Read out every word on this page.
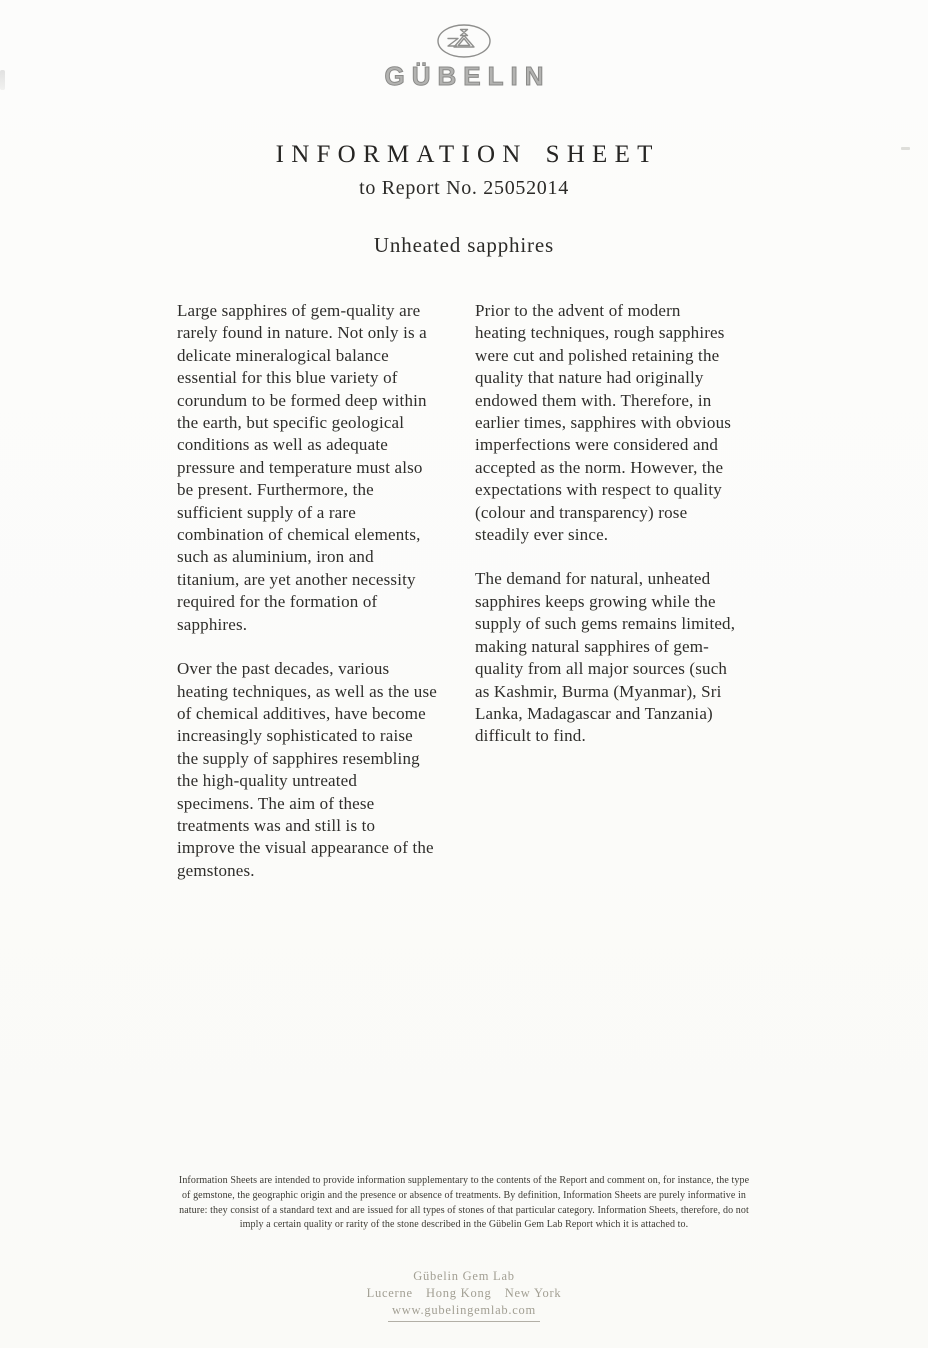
GÜBELIN
INFORMATION SHEET
to Report No. 25052014
Unheated sapphires
Large sapphires of gem-quality are
rarely found in nature. Not only is a
delicate mineralogical balance
essential for this blue variety of
corundum to be formed deep within
the earth, but specific geological
conditions as well as adequate
pressure and temperature must also
be present. Furthermore, the
sufficient supply of a rare
combination of chemical elements,
such as aluminium, iron and
titanium, are yet another necessity
required for the formation of
sapphires.
Over the past decades, various
heating techniques, as well as the use
of chemical additives, have become
increasingly sophisticated to raise
the supply of sapphires resembling
the high-quality untreated
specimens. The aim of these
treatments was and still is to
improve the visual appearance of the
gemstones.
Prior to the advent of modern
heating techniques, rough sapphires
were cut and polished retaining the
quality that nature had originally
endowed them with. Therefore, in
earlier times, sapphires with obvious
imperfections were considered and
accepted as the norm. However, the
expectations with respect to quality
(colour and transparency) rose
steadily ever since.
The demand for natural, unheated
sapphires keeps growing while the
supply of such gems remains limited,
making natural sapphires of gem-
quality from all major sources (such
as Kashmir, Burma (Myanmar), Sri
Lanka, Madagascar and Tanzania)
difficult to find.
Information Sheets are intended to provide information supplementary to the contents of the Report and comment on, for instance, the type
of gemstone, the geographic origin and the presence or absence of treatments. By definition, Information Sheets are purely informative in
nature: they consist of a standard text and are issued for all types of stones of that particular category. Information Sheets, therefore, do not
imply a certain quality or rarity of the stone described in the Gübelin Gem Lab Report which it is attached to.
Gübelin Gem Lab
Lucerne Hong Kong New York
www.gubelingemlab.com
